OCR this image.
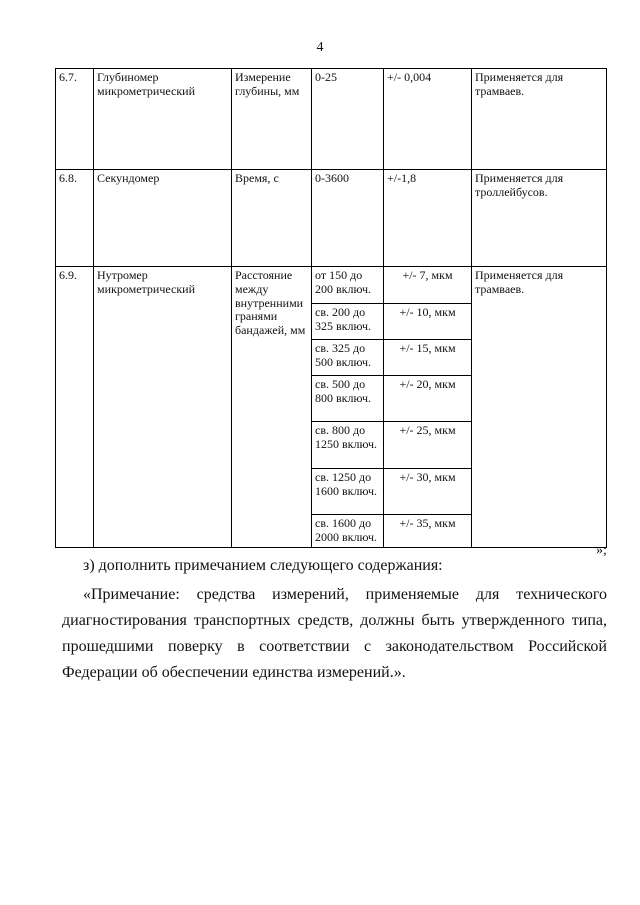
4
6.7.	Глубиномер микрометрический	Измерение глубины, мм	0-25	+/- 0,004	Применяется для трамваев.
6.8.	Секундомер	Время, с	0-3600	+/-1,8	Применяется для троллейбусов.
6.9.	Нутромер микрометрический	Расстояние между внутренними гранями бандажей, мм	от 150 до 200 включ.	+/- 7, мкм	Применяется для трамваев.
			св. 200 до 325 включ.	+/- 10, мкм	
			св. 325 до 500 включ.	+/- 15, мкм	
			св. 500 до 800 включ.	+/- 20, мкм	
			св. 800 до 1250 включ.	+/- 25, мкм	
			св. 1250 до 1600 включ.	+/- 30, мкм	
			св. 1600 до 2000 включ.	+/- 35, мкм	
»;
з) дополнить примечанием следующего содержания:
«Примечание: средства измерений, применяемые для технического диагностирования транспортных средств, должны быть утвержденного типа, прошедшими поверку в соответствии с законодательством Российской Федерации об обеспечении единства измерений.».
